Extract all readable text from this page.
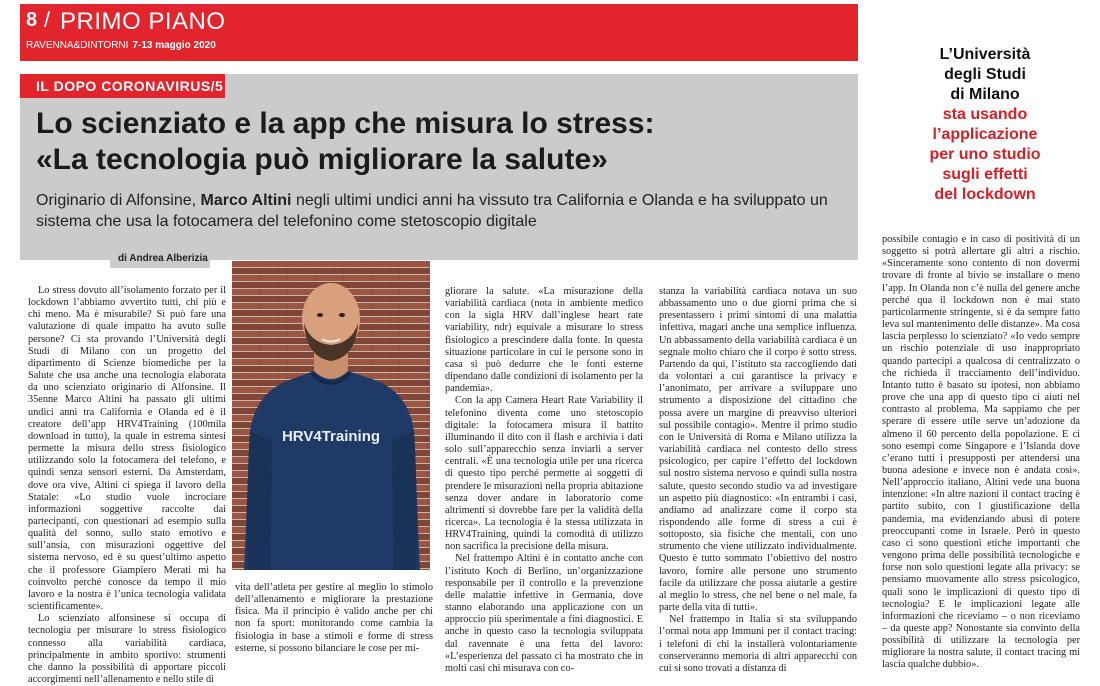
8 / PRIMO PIANO
RAVENNA&DINTORNI 7-13 maggio 2020
IL DOPO CORONAVIRUS/5
Lo scienziato e la app che misura lo stress:
«La tecnologia può migliorare la salute»

Originario di Alfonsine, Marco Altini negli ultimi undici anni ha vissuto tra California e Olanda e ha sviluppato un sistema che usa la fotocamera del telefonino come stetoscopio digitale

di Andrea Alberizia
L’Università
degli Studi
di Milano
sta usando
l’applicazione
per uno studio
sugli effetti
del lockdown
HRV4Training

Lo stress dovuto all’isolamento forzato per il lockdown l’abbiamo avvertito tutti, chi più e chi meno. Ma è misurabile? Sì può fare una valutazione di quale impatto ha avuto sulle persone? Ci sta provando l’Università degli Studi di Milano con un progetto del dipartimento di Scienze biomediche per la Salute che usa anche una tecnologia elaborata da uno scienziato originario di Alfonsine. Il 35enne Marco Altini ha passato gli ultimi undici anni tra California e Olanda ed è il creatore dell’app HRV4Training (100mila download in tutto), la quale in estrema sintesi permette la misura dello stress fisiologico utilizzando solo la fotocamera del telefono, e quindi senza sensori esterni. Da Amsterdam, dove ora vive, Altini ci spiega il lavoro della Statale: «Lo studio vuole incrociare informazioni soggettive raccolte dai partecipanti, con questionari ad esempio sulla qualità del sonno, sullo stato emotivo e sull’ansia, con misurazioni oggettive del sistema nervoso, ed è su quest’ultimo aspetto che il professore Giampiero Merati mi ha coinvolto perché conosce da tempo il mio lavoro e la nostra è l’unica tecnologia validata scientificamente».

Lo scienziato alfonsinese si occupa di tecnologia per misurare lo stress fisiologico connesso alla variabilità cardiaca, principalmente in ambito sportivo: strumenti che danno la possibilità di apportare piccoli accorgimenti nell’allenamento e nello stile di

vita dell’atleta per gestire al meglio lo stimolo dell’allenamento e migliorare la prestazione fisica. Ma il principio è valido anche per chi non fa sport: monitorando come cambia la fisiologia in base a stimoli e forme di stress esterne, si possono bilanciare le cose per mi-

gliorare la salute. «La misurazione della variabilità cardiaca (nota in ambiente medico con la sigla HRV dall’inglese heart rate variability, ndr) equivale a misurare lo stress fisiologico a prescindere dalla fonte. In questa situazione particolare in cui le persone sono in casa si può dedurre che le fonti esterne dipendano dalle condizioni di isolamento per la pandemia».

Con la app Camera Heart Rate Variability il telefonino diventa come uno stetoscopio digitale: la fotocamera misura il battito illuminando il dito con il flash e archivia i dati solo sull’apparecchio senza inviarli a server centrali. «È una tecnologia utile per una ricerca di questo tipo perché permette ai soggetti di prendere le misurazioni nella propria abitazione senza dover andare in laboratorio come altrimenti si dovrebbe fare per la validità della ricerca». La tecnologia è la stessa utilizzata in HRV4Training, quindi la comodità di utilizzo non sacrifica la precisione della misura.

Nel frattempo Altini è in contatto anche con l’istituto Koch di Berlino, un’organizzazione responsabile per il controllo e la prevenzione delle malattie infettive in Germania, dove stanno elaborando una applicazione con un approccio più sperimentale a fini diagnostici. E anche in questo caso la tecnologia sviluppata dal ravennate è una fetta del lavoro: «L’esperienza del passato ci ha mostrato che in molti casi chi misurava con co-

stanza la variabilità cardiaca notava un suo abbassamento uno o due giorni prima che si presentassero i primi sintomi di una malattia infettiva, magari anche una semplice influenza. Un abbassamento della variabilità cardiaca è un segnale molto chiaro che il corpo è sotto stress. Partendo da qui, l’istituto sta raccogliendo dati da volontari a cui garantisce la privacy e l’anonimato, per arrivare a sviluppare uno strumento a disposizione del cittadino che possa avere un margine di preavviso ulteriori sul possibile contagio». Mentre il primo studio con le Università di Roma e Milano utilizza la variabilità cardiaca nel contesto dello stress psicologico, per capire l’effetto del lockdown sul nostro sistema nervoso e quindi sulla nostra salute, questo secondo studio va ad investigare un aspetto più diagnostico: «In entrambi i casi, andiamo ad analizzare come il corpo sta rispondendo alle forme di stress a cui è sottoposto, sia fisiche che mentali, con uno strumento che viene utilizzato individualmente. Questo è tutto sommato l’obiettivo del nostro lavoro, fornire alle persone uno strumento facile da utilizzare che possa aiutarle a gestire al meglio lo stress, che nel bene o nel male, fa parte della vita di tutti».

Nel frattempo in Italia si sta sviluppando l’ormai nota app Immuni per il contact tracing: i telefoni di chi la installerà volontariamente conserveranno memoria di altri apparecchi con cui si sono trovati a distanza di

possibile contagio e in caso di positività di un soggetto si potrà allertare gli altri a rischio. «Sinceramente sono contento di non dovermi trovare di fronte al bivio se installare o meno l’app. In Olanda non c’è nulla del genere anche perché qua il lockdown non è mai stato particolarmente stringente, si è da sempre fatto leva sul mantenimento delle distanze». Ma cosa lascia perplesso lo scienziato? «Io vedo sempre un rischio potenziale di uso inappropriato quando partecipi a qualcosa di centralizzato o che richieda il tracciamento dell’individuo. Intanto tutto è basato su ipotesi, non abbiamo prove che una app di questo tipo ci aiuti nel contrasto al problema. Ma sappiamo che per sperare di essere utile serve un’adozione da almeno il 60 percento della popolazione. E ci sono esempi come Singapore e l’Islanda dove c’erano tutti i presupposti per attendersi una buona adesione e invece non è andata così». Nell’approccio italiano, Altini vede una buona intenzione: «In altre nazioni il contact tracing è partito subito, con l giustificazione della pandemia, ma evidenziando abusi di potere preoccupanti come in Israele. Però in questo caso ci sono questioni etiche importanti che vengono prima delle possibilità tecnologiche e forse non solo questioni legate alla privacy: se pensiamo muovamente allo stress psicologico, quali sono le implicazioni di questo tipo di tecnologia? E le implicazioni legate alle informazioni che riceviamo – o non riceviamo – da queste app? Nonostante sia convinto della possibilità di utilizzare la tecnologia per migliorare la nostra salute, il contact tracing mi lascia qualche dubbio».
